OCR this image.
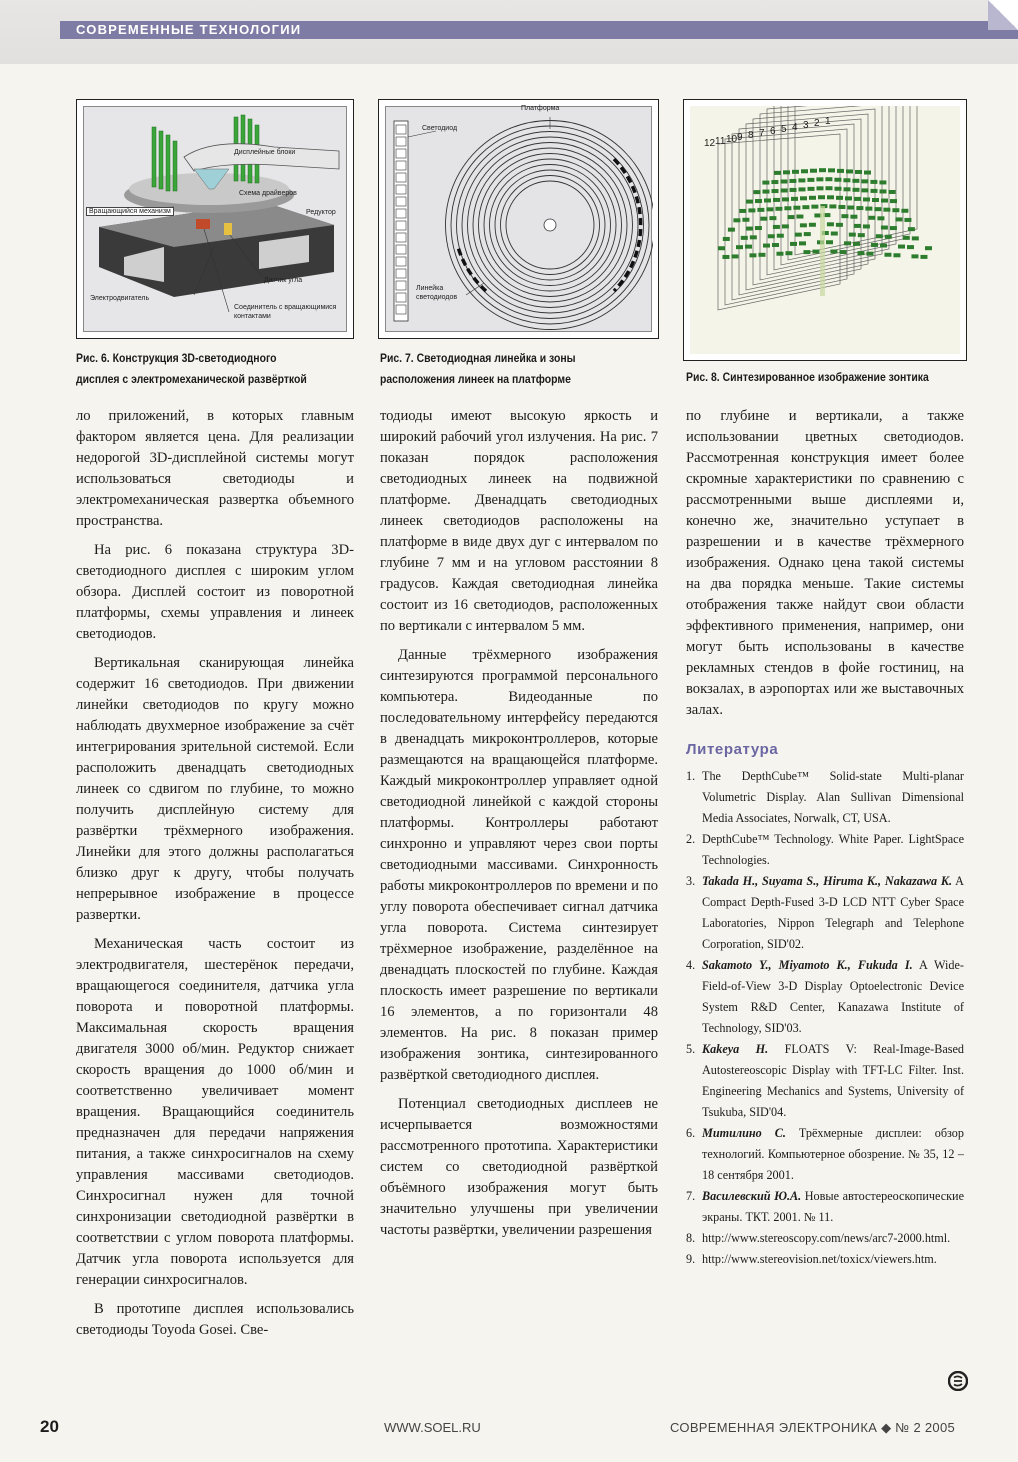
СОВРЕМЕННЫЕ ТЕХНОЛОГИИ
Дисплейные блоки
Схема драйверов
Вращающийся механизм	Редуктор
Датчик угла
Электродвигатель
Соединитель с вращающимися
контактами
Рис. 6. Конструкция 3D-светодиодного
дисплея с электромеханической развёрткой
Платформа
Светодиод
Линейка
светодиодов
Рис. 7. Светодиодная линейка и зоны
расположения линеек на платформе
12 11 10 9 8 7 6 5 4 3 2 1
Рис. 8. Синтезированное изображение зонтика

ло приложений, в которых главным фактором является цена. Для реализации недорогой 3D-дисплейной системы могут использоваться светодиоды и электромеханическая развертка объемного пространства.

На рис. 6 показана структура 3D-светодиодного дисплея с широким углом обзора. Дисплей состоит из поворотной платформы, схемы управления и линеек светодиодов.

Вертикальная сканирующая линейка содержит 16 светодиодов. При движении линейки светодиодов по кругу можно наблюдать двухмерное изображение за счёт интегрирования зрительной системой. Если расположить двенадцать светодиодных линеек со сдвигом по глубине, то можно получить дисплейную систему для развёртки трёхмерного изображения. Линейки для этого должны располагаться близко друг к другу, чтобы получать непрерывное изображение в процессе развертки.

Механическая часть состоит из электродвигателя, шестерёнок передачи, вращающегося соединителя, датчика угла поворота и поворотной платформы. Максимальная скорость вращения двигателя 3000 об/мин. Редуктор снижает скорость вращения до 1000 об/мин и соответственно увеличивает момент вращения. Вращающийся соединитель предназначен для передачи напряжения питания, а также синхросигналов на схему управления массивами светодиодов. Синхросигнал нужен для точной синхронизации светодиодной развёртки в соответствии с углом поворота платформы. Датчик угла поворота используется для генерации синхросигналов.

В прототипе дисплея использовались светодиоды Toyoda Gosei. Све-

тодиоды имеют высокую яркость и широкий рабочий угол излучения. На рис. 7 показан порядок расположения светодиодных линеек на подвижной платформе. Двенадцать светодиодных линеек светодиодов расположены на платформе в виде двух дуг с интервалом по глубине 7 мм и на угловом расстоянии 8 градусов. Каждая светодиодная линейка состоит из 16 светодиодов, расположенных по вертикали с интервалом 5 мм.

Данные трёхмерного изображения синтезируются программой персонального компьютера. Видеоданные по последовательному интерфейсу передаются в двенадцать микроконтроллеров, которые размещаются на вращающейся платформе. Каждый микроконтроллер управляет одной светодиодной линейкой с каждой стороны платформы. Контроллеры работают синхронно и управляют через свои порты светодиодными массивами. Синхронность работы микроконтроллеров по времени и по углу поворота обеспечивает сигнал датчика угла поворота. Система синтезирует трёхмерное изображение, разделённое на двенадцать плоскостей по глубине. Каждая плоскость имеет разрешение по вертикали 16 элементов, а по горизонтали 48 элементов. На рис. 8 показан пример изображения зонтика, синтезированного развёрткой светодиодного дисплея.

Потенциал светодиодных дисплеев не исчерпывается возможностями рассмотренного прототипа. Характеристики систем со светодиодной развёрткой объёмного изображения могут быть значительно улучшены при увеличении частоты развёртки, увеличении разрешения

по глубине и вертикали, а также использовании цветных светодиодов. Рассмотренная конструкция имеет более скромные характеристики по сравнению с рассмотренными выше дисплеями и, конечно же, значительно уступает в разрешении и в качестве трёхмерного изображения. Однако цена такой системы на два порядка меньше. Такие системы отображения также найдут свои области эффективного применения, например, они могут быть использованы в качестве рекламных стендов в фойе гостиниц, на вокзалах, в аэропортах или же выставочных залах.

Литература
1. The DepthCube™ Solid-state Multi-planar Volumetric Display. Alan Sullivan Dimensional Media Associates, Norwalk, CT, USA.
2. DepthCube™ Technology. White Paper. LightSpace Technologies.
3. Takada H., Suyama S., Hiruma K., Nakazawa K. A Compact Depth-Fused 3-D LCD NTT Cyber Space Laboratories, Nippon Telegraph and Telephone Corporation, SID'02.
4. Sakamoto Y., Miyamoto K., Fukuda I. A Wide-Field-of-View 3-D Display Optoelectronic Device System R&D Center, Kanazawa Institute of Technology, SID'03.
5. Kakeya H. FLOATS V: Real-Image-Based Autostereoscopic Display with TFT-LC Filter. Inst. Engineering Mechanics and Systems, University of Tsukuba, SID'04.
6. Митилино С. Трёхмерные дисплеи: обзор технологий. Компьютерное обозрение. № 35, 12 – 18 сентября 2001.
7. Василевский Ю.А. Новые автостереоскопические экраны. ТКТ. 2001. № 11.
8. http://www.stereoscopy.com/news/arc7-2000.html.
9. http://www.stereovision.net/toxicx/viewers.htm.
20	WWW.SOEL.RU	СОВРЕМЕННАЯ ЭЛЕКТРОНИКА ◆ № 2 2005
